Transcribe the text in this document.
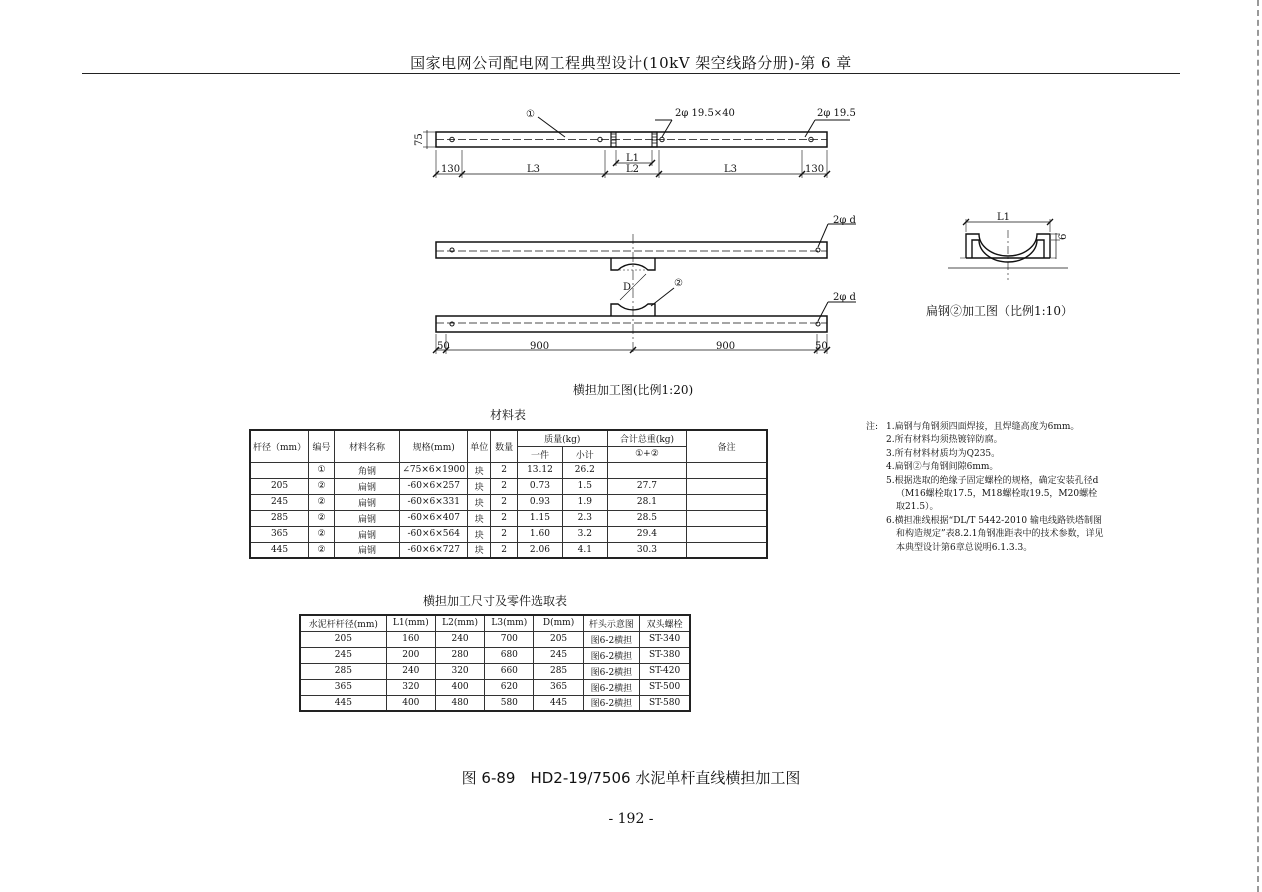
国家电网公司配电网工程典型设计(10kV 架空线路分册)-第 6 章
①	2φ 19.5×40	2φ 19.5
75
130	L3
L1
L2	L3	130
2φ d
2φ d
D	②
50	900	900	50
L1
6
扁钢②加工图（比例1:10）
横担加工图(比例1:20)
材料表
杆径（mm）	编号	材料名称	规格(mm)	单位	数量	质量(kg)		合计总重(kg)	备注
						一件	小计	①+②	
	①	角钢	∠75×6×1900	块	2	13.12	26.2		
205	②	扁钢	-60×6×257	块	2	0.73	1.5	27.7	
245	②	扁钢	-60×6×331	块	2	0.93	1.9	28.1	
285	②	扁钢	-60×6×407	块	2	1.15	2.3	28.5	
365	②	扁钢	-60×6×564	块	2	1.60	3.2	29.4	
445	②	扁钢	-60×6×727	块	2	2.06	4.1	30.3	
注: 1.扁钢与角钢须四面焊接，且焊缝高度为6mm。
2.所有材料均须热镀锌防腐。
3.所有材料材质均为Q235。
4.扁钢②与角钢间隙6mm。
5.根据选取的绝缘子固定螺栓的规格，确定安装孔径d（M16螺栓取17.5，M18螺栓取19.5，M20螺栓取21.5）。
6.横担准线根据“DL/T 5442-2010 输电线路铁塔制图和构造规定”表8.2.1角钢准距表中的技术参数，详见本典型设计第6章总说明6.1.3.3。
横担加工尺寸及零件选取表
水泥杆杆径(mm)	L1(mm)	L2(mm)	L3(mm)	D(mm)	杆头示意图	双头螺栓
205	160	240	700	205	图6-2横担	ST-340
245	200	280	680	245	图6-2横担	ST-380
285	240	320	660	285	图6-2横担	ST-420
365	320	400	620	365	图6-2横担	ST-500
445	400	480	580	445	图6-2横担	ST-580
图 6-89　HD2-19/7506 水泥单杆直线横担加工图
- 192 -
